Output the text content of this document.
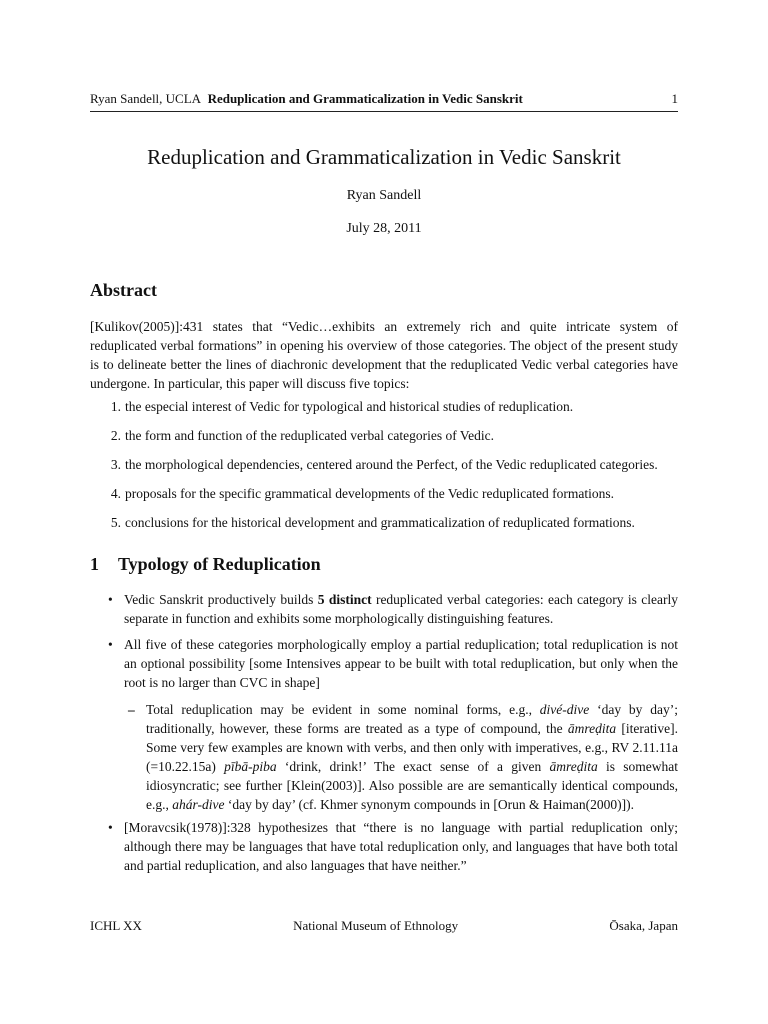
Ryan Sandell, UCLA Reduplication and Grammaticalization in Vedic Sanskrit	1
Reduplication and Grammaticalization in Vedic Sanskrit
Ryan Sandell
July 28, 2011
Abstract
[Kulikov(2005)]:431 states that “Vedic…exhibits an extremely rich and quite intricate system of reduplicated verbal formations” in opening his overview of those categories. The object of the present study is to delineate better the lines of diachronic development that the reduplicated Vedic verbal categories have undergone. In particular, this paper will discuss five topics:
1. the especial interest of Vedic for typological and historical studies of reduplication.
2. the form and function of the reduplicated verbal categories of Vedic.
3. the morphological dependencies, centered around the Perfect, of the Vedic reduplicated categories.
4. proposals for the specific grammatical developments of the Vedic reduplicated formations.
5. conclusions for the historical development and grammaticalization of reduplicated formations.
1 Typology of Reduplication
• Vedic Sanskrit productively builds 5 distinct reduplicated verbal categories: each category is clearly separate in function and exhibits some morphologically distinguishing features.
• All five of these categories morphologically employ a partial reduplication; total reduplication is not an optional possibility [some Intensives appear to be built with total reduplication, but only when the root is no larger than CVC in shape]
– Total reduplication may be evident in some nominal forms, e.g., divé-dive ‘day by day’; traditionally, however, these forms are treated as a type of compound, the āmreḍita [iterative]. Some very few examples are known with verbs, and then only with imperatives, e.g., RV 2.11.11a (=10.22.15a) pībā-piba ‘drink, drink!’ The exact sense of a given āmreḍita is somewhat idiosyncratic; see further [Klein(2003)]. Also possible are are semantically identical compounds, e.g., ahár-dive ‘day by day’ (cf. Khmer synonym compounds in [Orun & Haiman(2000)]).
• [Moravcsik(1978)]:328 hypothesizes that “there is no language with partial reduplication only; although there may be languages that have total reduplication only, and languages that have both total and partial reduplication, and also languages that have neither.”
ICHL XX	National Museum of Ethnology	Ōsaka, Japan
